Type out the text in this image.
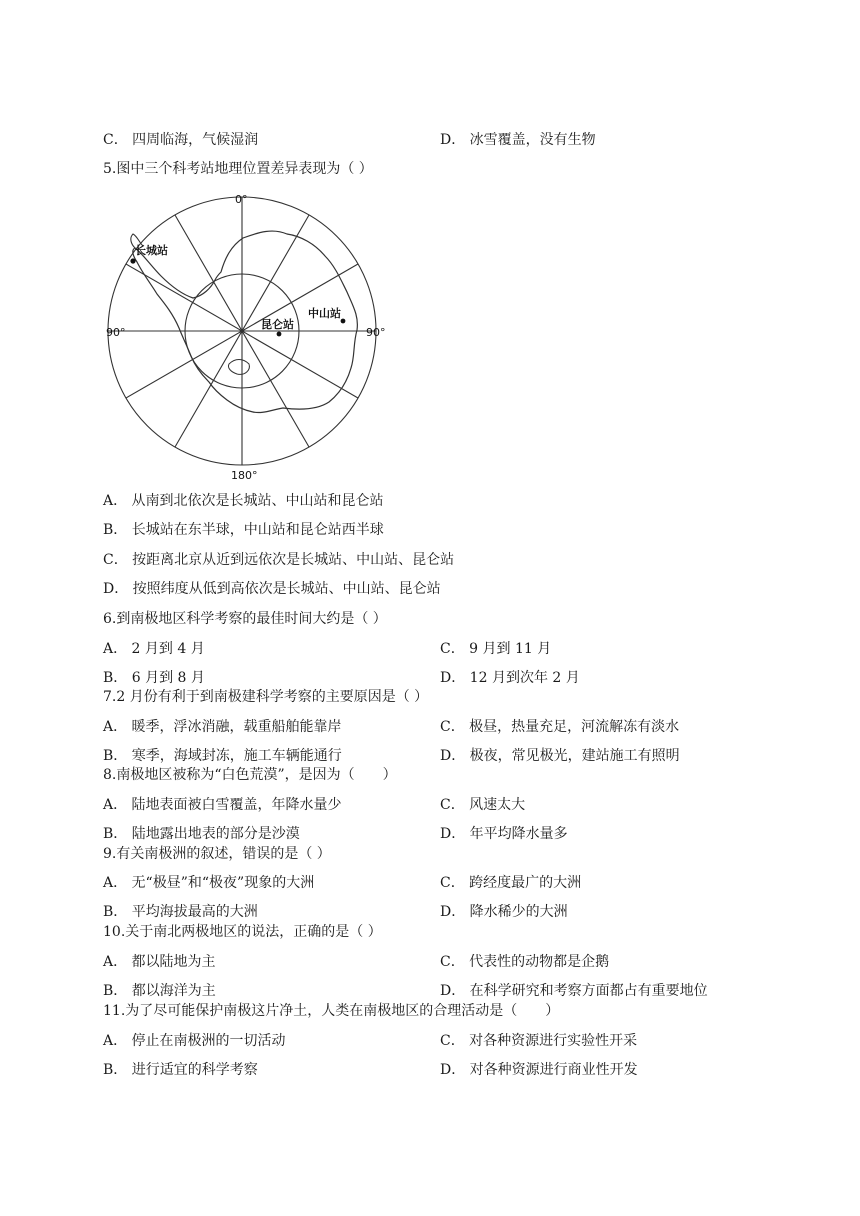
C． 四周临海，气候湿润	D． 冰雪覆盖，没有生物
5.图中三个科考站地理位置差异表现为（ ）
0°
90°	90°
180°
长城站
中山站
昆仑站
A． 从南到北依次是长城站、中山站和昆仑站
B． 长城站在东半球，中山站和昆仑站西半球
C． 按距离北京从近到远依次是长城站、中山站、昆仑站
D． 按照纬度从低到高依次是长城站、中山站、昆仑站
6.到南极地区科学考察的最佳时间大约是（ ）
A． 2 月到 4 月	C． 9 月到 11 月
B． 6 月到 8 月	D． 12 月到次年 2 月
7.2 月份有利于到南极建科学考察的主要原因是（ ）
A． 暖季，浮冰消融，载重船舶能靠岸	C． 极昼，热量充足，河流解冻有淡水
B． 寒季，海域封冻，施工车辆能通行	D． 极夜，常见极光，建站施工有照明
8.南极地区被称为“白色荒漠”，是因为（　　）
A． 陆地表面被白雪覆盖，年降水量少	C． 风速太大
B． 陆地露出地表的部分是沙漠	D． 年平均降水量多
9.有关南极洲的叙述，错误的是（ ）
A． 无“极昼”和“极夜”现象的大洲	C． 跨经度最广的大洲
B． 平均海拔最高的大洲	D． 降水稀少的大洲
10.关于南北两极地区的说法，正确的是（ ）
A． 都以陆地为主	C． 代表性的动物都是企鹅
B． 都以海洋为主	D． 在科学研究和考察方面都占有重要地位
11.为了尽可能保护南极这片净土，人类在南极地区的合理活动是（　　）
A． 停止在南极洲的一切活动	C． 对各种资源进行实验性开采
B． 进行适宜的科学考察	D． 对各种资源进行商业性开发
